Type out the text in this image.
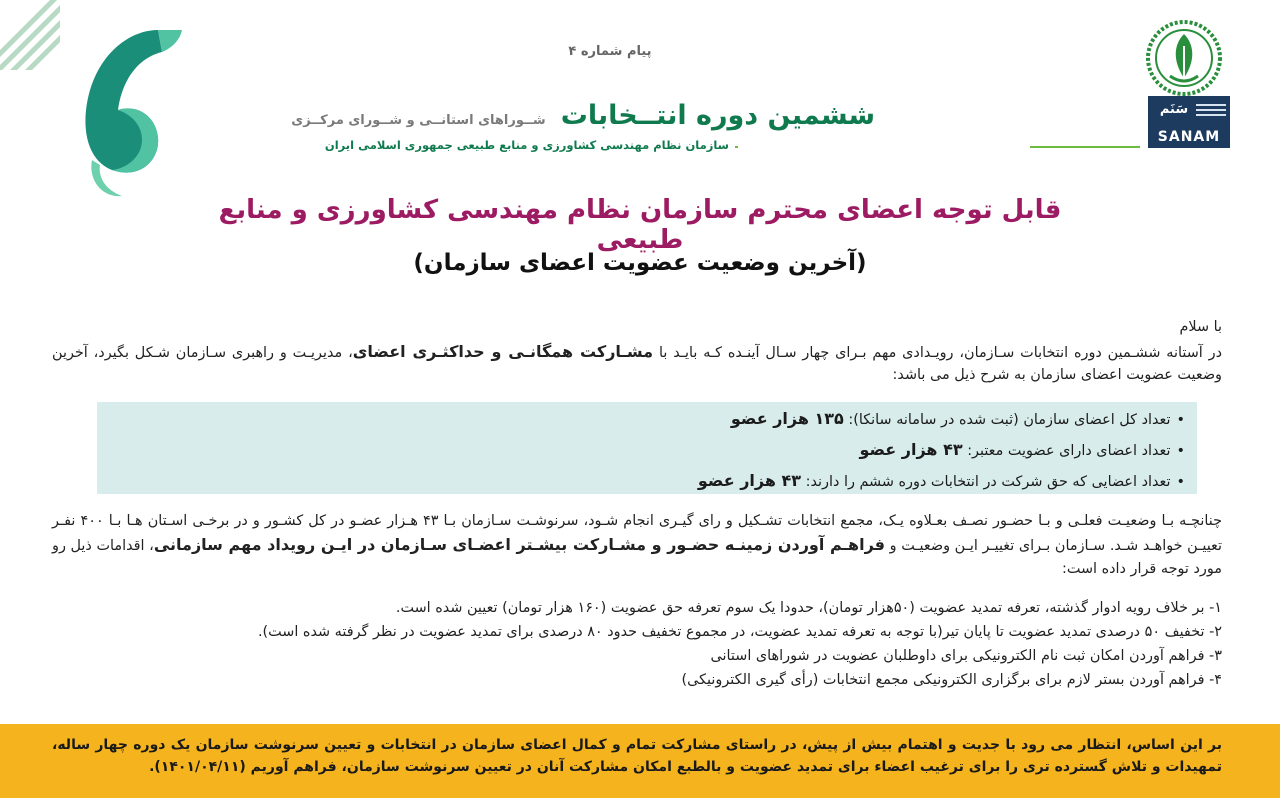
پیام شماره ۴
ششمین دوره انتــخابات شــوراهای استانــی و شــورای مرکــزی
سازمان نظام مهندسی کشاورزی و منابع طبیعی جمهوری اسلامی ایران
سَنَم
SANAM
قابل توجه اعضای محترم سازمان نظام مهندسی کشاورزی و منابع طبیعی
(آخرین وضعیت عضویت اعضای سازمان)
با سلام
در آستانه ششـمین دوره انتخابات سـازمان، رویـدادی مهم بـرای چهار سـال آینـده کـه بایـد با مشـارکت همگانـی و حداکثـری اعضای، مدیریـت و راهبری سـازمان شـکل بگیرد، آخرین وضعیت عضویت اعضای سازمان به شرح ذیل می باشد:
• تعداد کل اعضای سازمان (ثبت شده در سامانه سانکا): ۱۳۵ هزار عضو
• تعداد اعضای دارای عضویت معتبر: ۴۳ هزار عضو
• تعداد اعضایی که حق شرکت در انتخابات دوره ششم را دارند: ۴۳ هزار عضو
چنانچـه بـا وضعیـت فعلـی و بـا حضـور نصـف بعـلاوه یـک، مجمع انتخابات تشـکیل و رای گیـری انجام شـود، سرنوشـت سـازمان بـا ۴۳ هـزار عضـو در کل کشـور و در برخـی اسـتان هـا بـا ۴۰۰ نفـر تعییـن خواهـد شـد. سـازمان بـرای تغییـر ایـن وضعیـت و فراهـم آوردن زمینـه حضـور و مشـارکت بیشـتر اعضـای سـازمان در ایـن رویداد مهم سازمانی، اقدامات ذیل رو مورد توجه قرار داده است:
۱- بر خلاف رویه ادوار گذشته، تعرفه تمدید عضویت (۵۰هزار تومان)، حدودا یک سوم تعرفه حق عضویت (۱۶۰ هزار تومان) تعیین شده است.
۲- تخفیف ۵۰ درصدی تمدید عضویت تا پایان تیر(با توجه به تعرفه تمدید عضویت، در مجموع تخفیف حدود ۸۰ درصدی برای تمدید عضویت در نظر گرفته شده است).
۳- فراهم آوردن امکان ثبت نام الکترونیکی برای داوطلبان عضویت در شوراهای استانی
۴- فراهم آوردن بستر لازم برای برگزاری الکترونیکی مجمع انتخابات (رأی گیری الکترونیکی)

بر این اساس، انتظار می رود با جدیت و اهتمام بیش از پیش، در راستای مشارکت تمام و کمال اعضای سازمان در انتخابات و تعیین سرنوشت سازمان یک دوره چهار ساله، تمهیدات و تلاش گسترده تری را برای ترغیب اعضاء برای تمدید عضویت و بالطبع امکان مشارکت آنان در تعیین سرنوشت سازمان، فراهم آوریم (۱۴۰۱/۰۴/۱۱).
